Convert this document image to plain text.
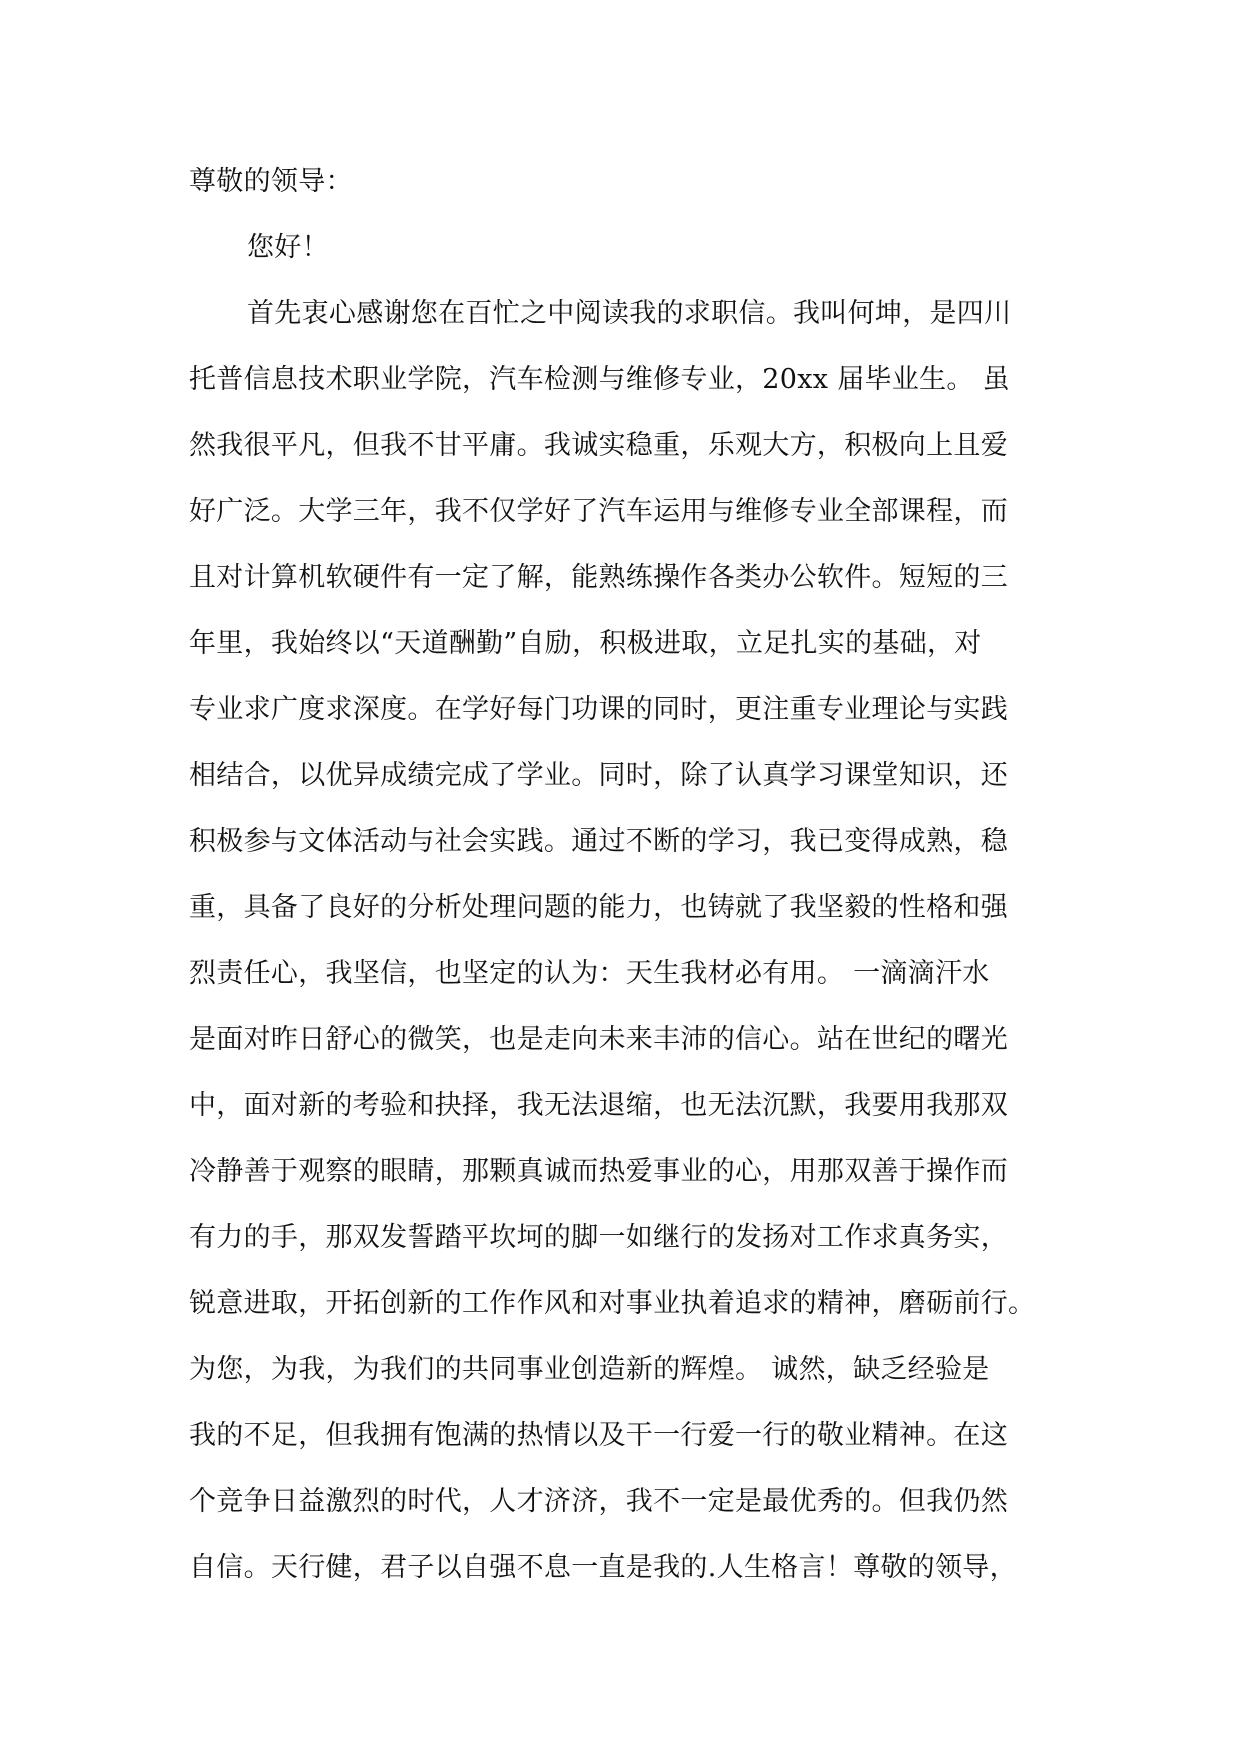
尊敬的领导：
您好！
首先衷心感谢您在百忙之中阅读我的求职信。我叫何坤，是四川
托普信息技术职业学院，汽车检测与维修专业，20xx 届毕业生。 虽
然我很平凡，但我不甘平庸。我诚实稳重，乐观大方，积极向上且爱
好广泛。大学三年，我不仅学好了汽车运用与维修专业全部课程，而
且对计算机软硬件有一定了解，能熟练操作各类办公软件。短短的三
年里，我始终以“天道酬勤”自励，积极进取，立足扎实的基础，对
专业求广度求深度。在学好每门功课的同时，更注重专业理论与实践
相结合，以优异成绩完成了学业。同时，除了认真学习课堂知识，还
积极参与文体活动与社会实践。通过不断的学习，我已变得成熟，稳
重，具备了良好的分析处理问题的能力，也铸就了我坚毅的性格和强
烈责任心，我坚信，也坚定的认为：天生我材必有用。 一滴滴汗水
是面对昨日舒心的微笑，也是走向未来丰沛的信心。站在世纪的曙光
中，面对新的考验和抉择，我无法退缩，也无法沉默，我要用我那双
冷静善于观察的眼睛，那颗真诚而热爱事业的心，用那双善于操作而
有力的手，那双发誓踏平坎坷的脚一如继行的发扬对工作求真务实，
锐意进取，开拓创新的工作作风和对事业执着追求的精神，磨砺前行。
为您，为我，为我们的共同事业创造新的辉煌。 诚然，缺乏经验是
我的不足，但我拥有饱满的热情以及干一行爱一行的敬业精神。在这
个竞争日益激烈的时代，人才济济，我不一定是最优秀的。但我仍然
自信。天行健，君子以自强不息一直是我的.人生格言！尊敬的领导，
